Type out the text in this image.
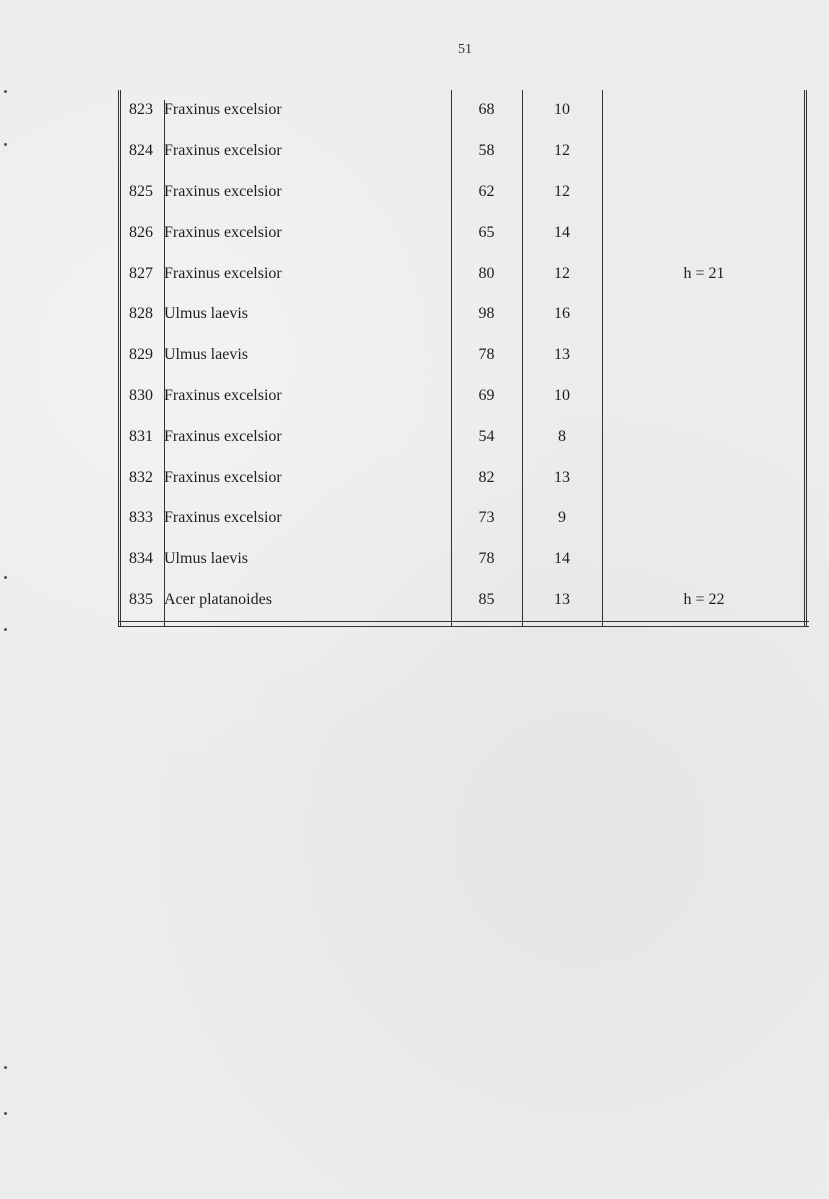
51
823	Fraxinus excelsior	68	10	
824	Fraxinus excelsior	58	12	
825	Fraxinus excelsior	62	12	
826	Fraxinus excelsior	65	14	
827	Fraxinus excelsior	80	12	h = 21
828	Ulmus laevis	98	16	
829	Ulmus laevis	78	13	
830	Fraxinus excelsior	69	10	
831	Fraxinus excelsior	54	8	
832	Fraxinus excelsior	82	13	
833	Fraxinus excelsior	73	9	
834	Ulmus laevis	78	14	
835	Acer platanoides	85	13	h = 22
